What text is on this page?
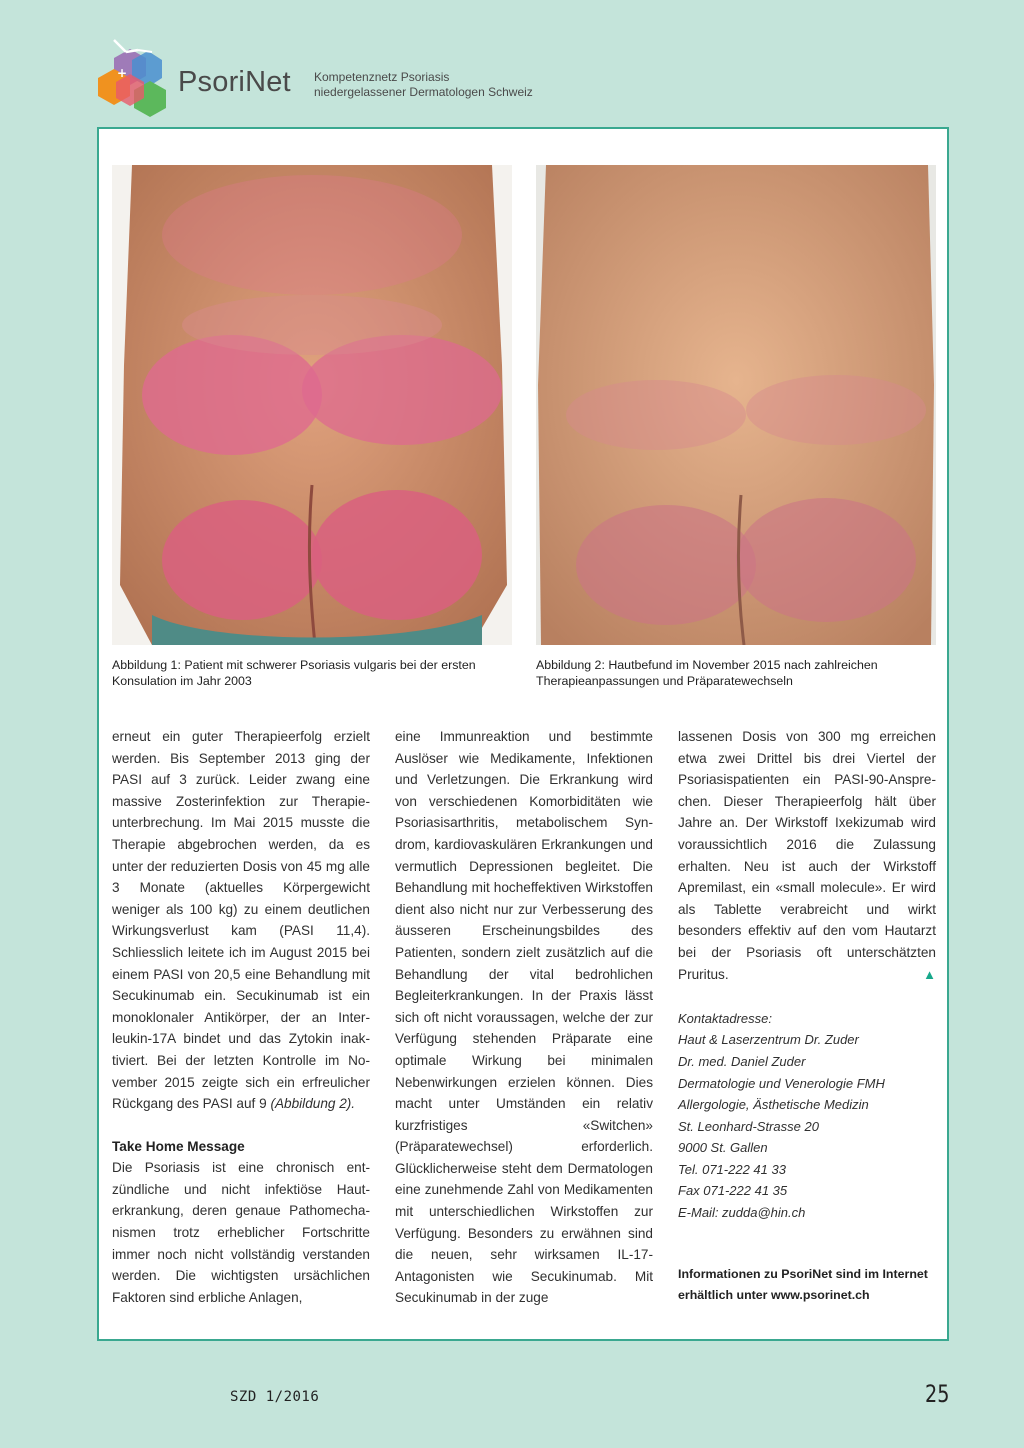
+ PsoriNet Kompetenznetz Psoriasis
niedergelassener Dermatologen Schweiz
Abbildung 1: Patient mit schwerer Psoriasis vulgaris bei der ersten Konsulation im Jahr 2003
Abbildung 2: Hautbefund im November 2015 nach zahlreichen Therapieanpassungen und Präparatewechseln

erneut ein guter Therapieerfolg erzielt werden. Bis September 2013 ging der PASI auf 3 zurück. Leider zwang eine massive Zosterinfektion zur Therapieunterbrechung. Im Mai 2015 musste die Therapie abgebrochen werden, da es unter der reduzierten Dosis von 45 mg alle 3 Monate (aktuelles Körpergewicht weniger als 100 kg) zu einem deutlichen Wirkungsverlust kam (PASI 11,4). Schliesslich leitete ich im August 2015 bei einem PASI von 20,5 eine Behandlung mit Secukinumab ein. Secukinumab ist ein monoklonaler Antikörper, der an Interleukin-17A bindet und das Zytokin inaktiviert. Bei der letzten Kontrolle im November 2015 zeigte sich ein erfreulicher Rückgang des PASI auf 9 (Abbildung 2).

Take Home Message

Die Psoriasis ist eine chronisch entzündliche und nicht infektiöse Hauterkrankung, deren genaue Pathomechanismen trotz erheblicher Fortschritte immer noch nicht vollständig verstanden werden. Die wichtigsten ursächlichen Faktoren sind erbliche Anlagen,

eine Immunreaktion und bestimmte Auslöser wie Medikamente, Infektionen und Verletzungen. Die Erkrankung wird von verschiedenen Komorbiditäten wie Psoriasisarthritis, metabolischem Syndrom, kardiovaskulären Erkrankungen und vermutlich Depressionen begleitet. Die Behandlung mit hocheffektiven Wirkstoffen dient also nicht nur zur Verbesserung des äusseren Erscheinungsbildes des Patienten, sondern zielt zusätzlich auf die Behandlung der vital bedrohlichen Begleiterkrankungen. In der Praxis lässt sich oft nicht voraussagen, welche der zur Verfügung stehenden Präparate eine optimale Wirkung bei minimalen Nebenwirkungen erzielen können. Dies macht unter Umständen ein relativ kurzfristiges «Switchen» (Präparatewechsel) erforderlich. Glücklicherweise steht dem Dermatologen eine zunehmende Zahl von Medikamenten mit unterschiedlichen Wirkstoffen zur Verfügung. Besonders zu erwähnen sind die neuen, sehr wirksamen IL-17-Antagonisten wie Secukinumab. Mit Secukinumab in der zuge

lassenen Dosis von 300 mg erreichen etwa zwei Drittel bis drei Viertel der Psoriasispatienten ein PASI-90-Ansprechen. Dieser Therapieerfolg hält über Jahre an. Der Wirkstoff Ixekizumab wird voraussichtlich 2016 die Zulassung erhalten. Neu ist auch der Wirkstoff Apremilast, ein «small molecule». Er wird als Tablette verabreicht und wirkt besonders effektiv auf den vom Hautarzt bei der Psoriasis oft unterschätzten Pruritus.	▲
Kontaktadresse:
Haut & Laserzentrum Dr. Zuder
Dr. med. Daniel Zuder
Dermatologie und Venerologie FMH
Allergologie, Ästhetische Medizin
St. Leonhard-Strasse 20
9000 St. Gallen
Tel. 071-222 41 33
Fax 071-222 41 35
E-Mail: zudda@hin.ch
Informationen zu PsoriNet sind im Internet erhältlich unter www.psorinet.ch
SZD 1/2016	25
